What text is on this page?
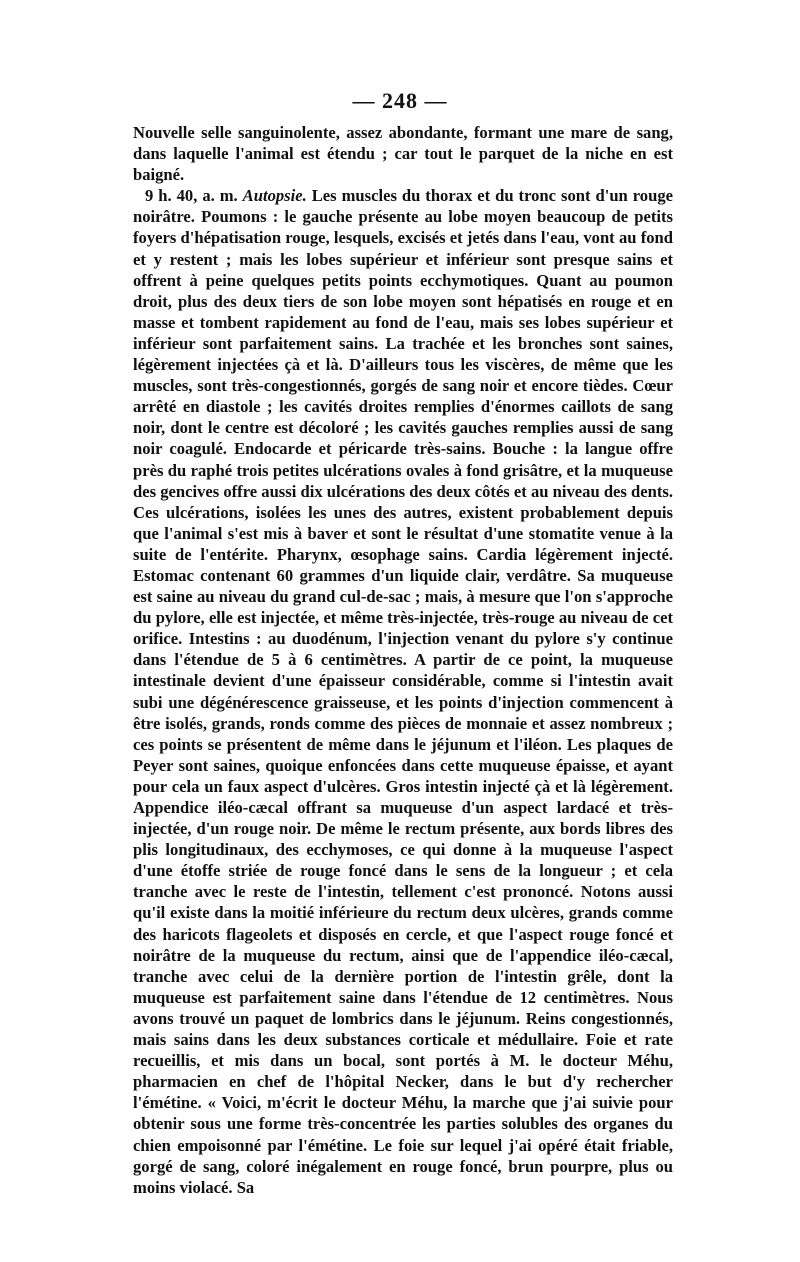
— 248 —

Nouvelle selle sanguinolente, assez abondante, formant une mare de sang, dans laquelle l'animal est étendu ; car tout le parquet de la niche en est baigné.

9 h. 40, a. m. Autopsie. Les muscles du thorax et du tronc sont d'un rouge noirâtre. Poumons : le gauche présente au lobe moyen beaucoup de petits foyers d'hépatisation rouge, lesquels, excisés et jetés dans l'eau, vont au fond et y restent ; mais les lobes supérieur et inférieur sont presque sains et offrent à peine quelques petits points ecchymotiques. Quant au poumon droit, plus des deux tiers de son lobe moyen sont hépatisés en rouge et en masse et tombent rapidement au fond de l'eau, mais ses lobes supérieur et inférieur sont parfaitement sains. La trachée et les bronches sont saines, légèrement injectées çà et là. D'ailleurs tous les viscères, de même que les muscles, sont très-congestionnés, gorgés de sang noir et encore tièdes. Cœur arrêté en diastole ; les cavités droites remplies d'énormes caillots de sang noir, dont le centre est décoloré ; les cavités gauches remplies aussi de sang noir coagulé. Endocarde et péricarde très-sains. Bouche : la langue offre près du raphé trois petites ulcérations ovales à fond grisâtre, et la muqueuse des gencives offre aussi dix ulcérations des deux côtés et au niveau des dents. Ces ulcérations, isolées les unes des autres, existent probablement depuis que l'animal s'est mis à baver et sont le résultat d'une stomatite venue à la suite de l'entérite. Pharynx, œsophage sains. Cardia légèrement injecté. Estomac contenant 60 grammes d'un liquide clair, verdâtre. Sa muqueuse est saine au niveau du grand cul-de-sac ; mais, à mesure que l'on s'approche du pylore, elle est injectée, et même très-injectée, très-rouge au niveau de cet orifice. Intestins : au duodénum, l'injection venant du pylore s'y continue dans l'étendue de 5 à 6 centimètres. A partir de ce point, la muqueuse intestinale devient d'une épaisseur considérable, comme si l'intestin avait subi une dégénérescence graisseuse, et les points d'injection commencent à être isolés, grands, ronds comme des pièces de monnaie et assez nombreux ; ces points se présentent de même dans le jéjunum et l'iléon. Les plaques de Peyer sont saines, quoique enfoncées dans cette muqueuse épaisse, et ayant pour cela un faux aspect d'ulcères. Gros intestin injecté çà et là légèrement. Appendice iléo-cæcal offrant sa muqueuse d'un aspect lardacé et très-injectée, d'un rouge noir. De même le rectum présente, aux bords libres des plis longitudinaux, des ecchymoses, ce qui donne à la muqueuse l'aspect d'une étoffe striée de rouge foncé dans le sens de la longueur ; et cela tranche avec le reste de l'intestin, tellement c'est prononcé. Notons aussi qu'il existe dans la moitié inférieure du rectum deux ulcères, grands comme des haricots flageolets et disposés en cercle, et que l'aspect rouge foncé et noirâtre de la muqueuse du rectum, ainsi que de l'appendice iléo-cæcal, tranche avec celui de la dernière portion de l'intestin grêle, dont la muqueuse est parfaitement saine dans l'étendue de 12 centimètres. Nous avons trouvé un paquet de lombrics dans le jéjunum. Reins congestionnés, mais sains dans les deux substances corticale et médullaire. Foie et rate recueillis, et mis dans un bocal, sont portés à M. le docteur Méhu, pharmacien en chef de l'hôpital Necker, dans le but d'y rechercher l'émétine. « Voici, m'écrit le docteur Méhu, la marche que j'ai suivie pour obtenir sous une forme très-concentrée les parties solubles des organes du chien empoisonné par l'émétine. Le foie sur lequel j'ai opéré était friable, gorgé de sang, coloré inégalement en rouge foncé, brun pourpre, plus ou moins violacé. Sa
